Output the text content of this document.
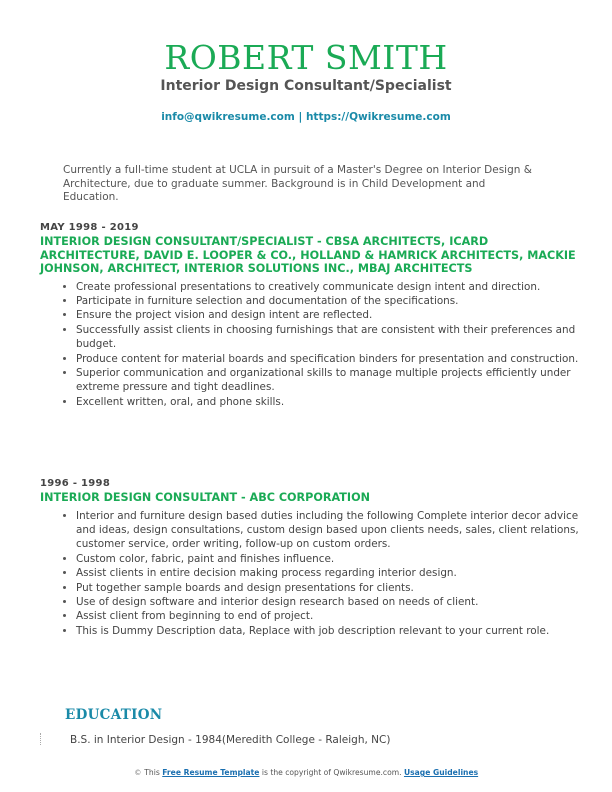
ROBERT SMITH
Interior Design Consultant/Specialist
info@qwikresume.com | https://Qwikresume.com
Currently a full-time student at UCLA in pursuit of a Master's Degree on Interior Design & Architecture, due to graduate summer. Background is in Child Development and Education.
MAY 1998 - 2019
INTERIOR DESIGN CONSULTANT/SPECIALIST - CBSA ARCHITECTS, ICARD ARCHITECTURE, DAVID E. LOOPER & CO., HOLLAND & HAMRICK ARCHITECTS, MACKIE JOHNSON, ARCHITECT, INTERIOR SOLUTIONS INC., MBAJ ARCHITECTS
• Create professional presentations to creatively communicate design intent and direction.
• Participate in furniture selection and documentation of the specifications.
• Ensure the project vision and design intent are reflected.
• Successfully assist clients in choosing furnishings that are consistent with their preferences and budget.
• Produce content for material boards and specification binders for presentation and construction.
• Superior communication and organizational skills to manage multiple projects efficiently under extreme pressure and tight deadlines.
• Excellent written, oral, and phone skills.
1996 - 1998
INTERIOR DESIGN CONSULTANT - ABC CORPORATION
• Interior and furniture design based duties including the following Complete interior decor advice and ideas, design consultations, custom design based upon clients needs, sales, client relations, customer service, order writing, follow-up on custom orders.
• Custom color, fabric, paint and finishes influence.
• Assist clients in entire decision making process regarding interior design.
• Put together sample boards and design presentations for clients.
• Use of design software and interior design research based on needs of client.
• Assist client from beginning to end of project.
• This is Dummy Description data, Replace with job description relevant to your current role.
EDUCATION
B.S. in Interior Design - 1984(Meredith College - Raleigh, NC)
© This Free Resume Template is the copyright of Qwikresume.com. Usage Guidelines
